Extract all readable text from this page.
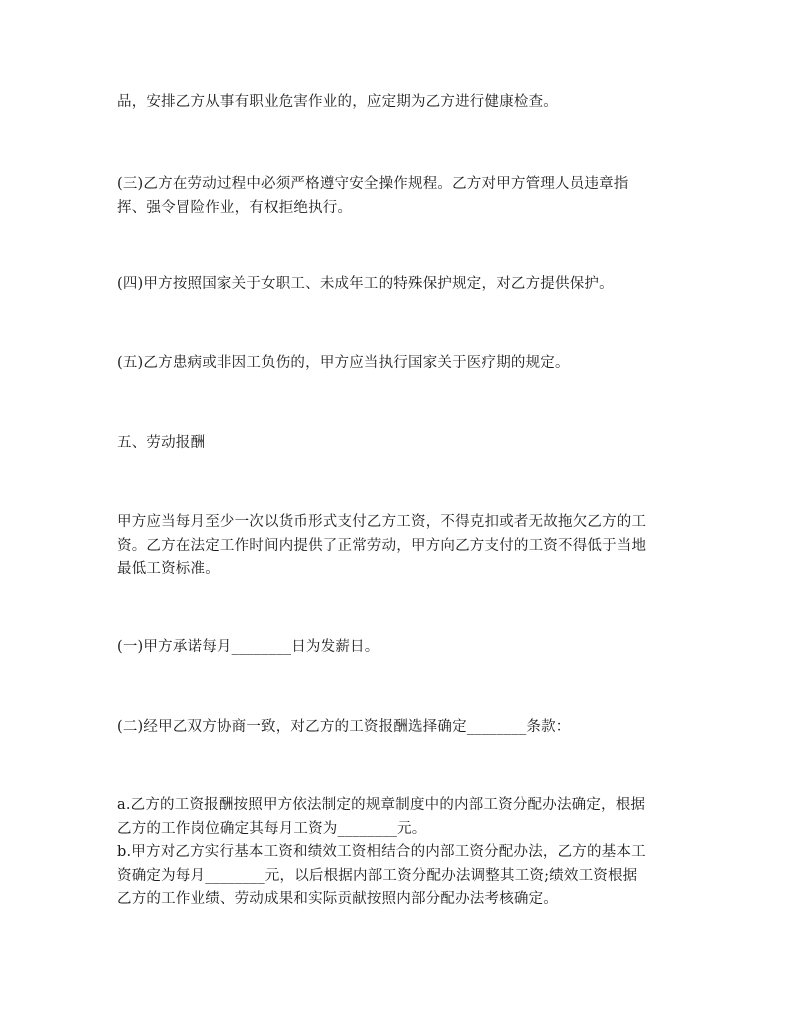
品，安排乙方从事有职业危害作业的，应定期为乙方进行健康检查。

(三)乙方在劳动过程中必须严格遵守安全操作规程。乙方对甲方管理人员违章指
挥、强令冒险作业，有权拒绝执行。

(四)甲方按照国家关于女职工、未成年工的特殊保护规定，对乙方提供保护。

(五)乙方患病或非因工负伤的，甲方应当执行国家关于医疗期的规定。

五、劳动报酬

甲方应当每月至少一次以货币形式支付乙方工资，不得克扣或者无故拖欠乙方的工
资。乙方在法定工作时间内提供了正常劳动，甲方向乙方支付的工资不得低于当地
最低工资标准。

(一)甲方承诺每月________日为发薪日。

(二)经甲乙双方协商一致，对乙方的工资报酬选择确定________条款：

a.乙方的工资报酬按照甲方依法制定的规章制度中的内部工资分配办法确定，根据
乙方的工作岗位确定其每月工资为________元。
b.甲方对乙方实行基本工资和绩效工资相结合的内部工资分配办法，乙方的基本工
资确定为每月________元，以后根据内部工资分配办法调整其工资;绩效工资根据
乙方的工作业绩、劳动成果和实际贡献按照内部分配办法考核确定。
